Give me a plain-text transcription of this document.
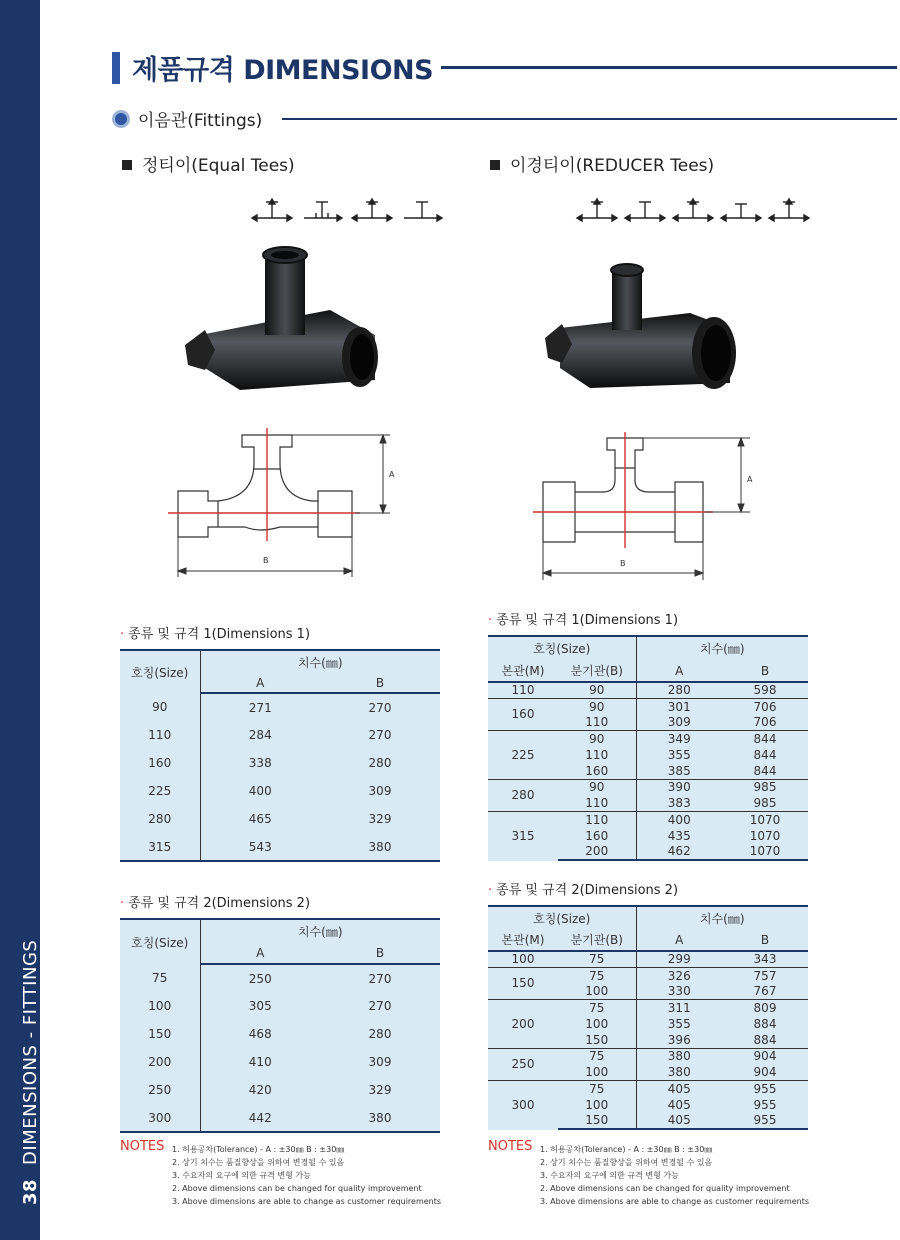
38DIMENSIONS - FITTINGS
제품규격 DIMENSIONS
이음관(Fittings)
정티이(Equal Tees)	이경티이(REDUCER Tees)
A
B
A
B
· 종류 및 규격 1(Dimensions 1)
호칭(Size)	치수(㎜)	
	A	B
90	271	270
110	284	270
160	338	280
225	400	309
280	465	329
315	543	380
· 종류 및 규격 2(Dimensions 2)
호칭(Size)	치수(㎜)	
	A	B
75	250	270
100	305	270
150	468	280
200	410	309
250	420	329
300	442	380
· 종류 및 규격 1(Dimensions 1)
호칭(Size)		치수(㎜)	
본관(M)	분기관(B)	A	B
110	90	280	598
160	90	301	706
	110	309	706
225	90	349	844
	110	355	844
	160	385	844
280	90	390	985
	110	383	985
315	110	400	1070
	160	435	1070
	200	462	1070
· 종류 및 규격 2(Dimensions 2)
호칭(Size)		치수(㎜)	
본관(M)	분기관(B)	A	B
100	75	299	343
150	75	326	757
	100	330	767
200	75	311	809
	100	355	884
	150	396	884
250	75	380	904
	100	380	904
300	75	405	955
	100	405	955
	150	405	955
NOTES 1. 허용공차(Tolerance) - A : ±30㎜ B : ±30㎜
2. 상기 치수는 품질향상을 위하여 변경될 수 있음
3. 수요자의 요구에 의한 규격 변형 가능
2. Above dimensions can be changed for quality improvement
3. Above dimensions are able to change as customer requirements
NOTES 1. 허용공차(Tolerance) - A : ±30㎜ B : ±30㎜
2. 상기 치수는 품질향상을 위하여 변경될 수 있음
3. 수요자의 요구에 의한 규격 변형 가능
2. Above dimensions can be changed for quality improvement
3. Above dimensions are able to change as customer requirements
